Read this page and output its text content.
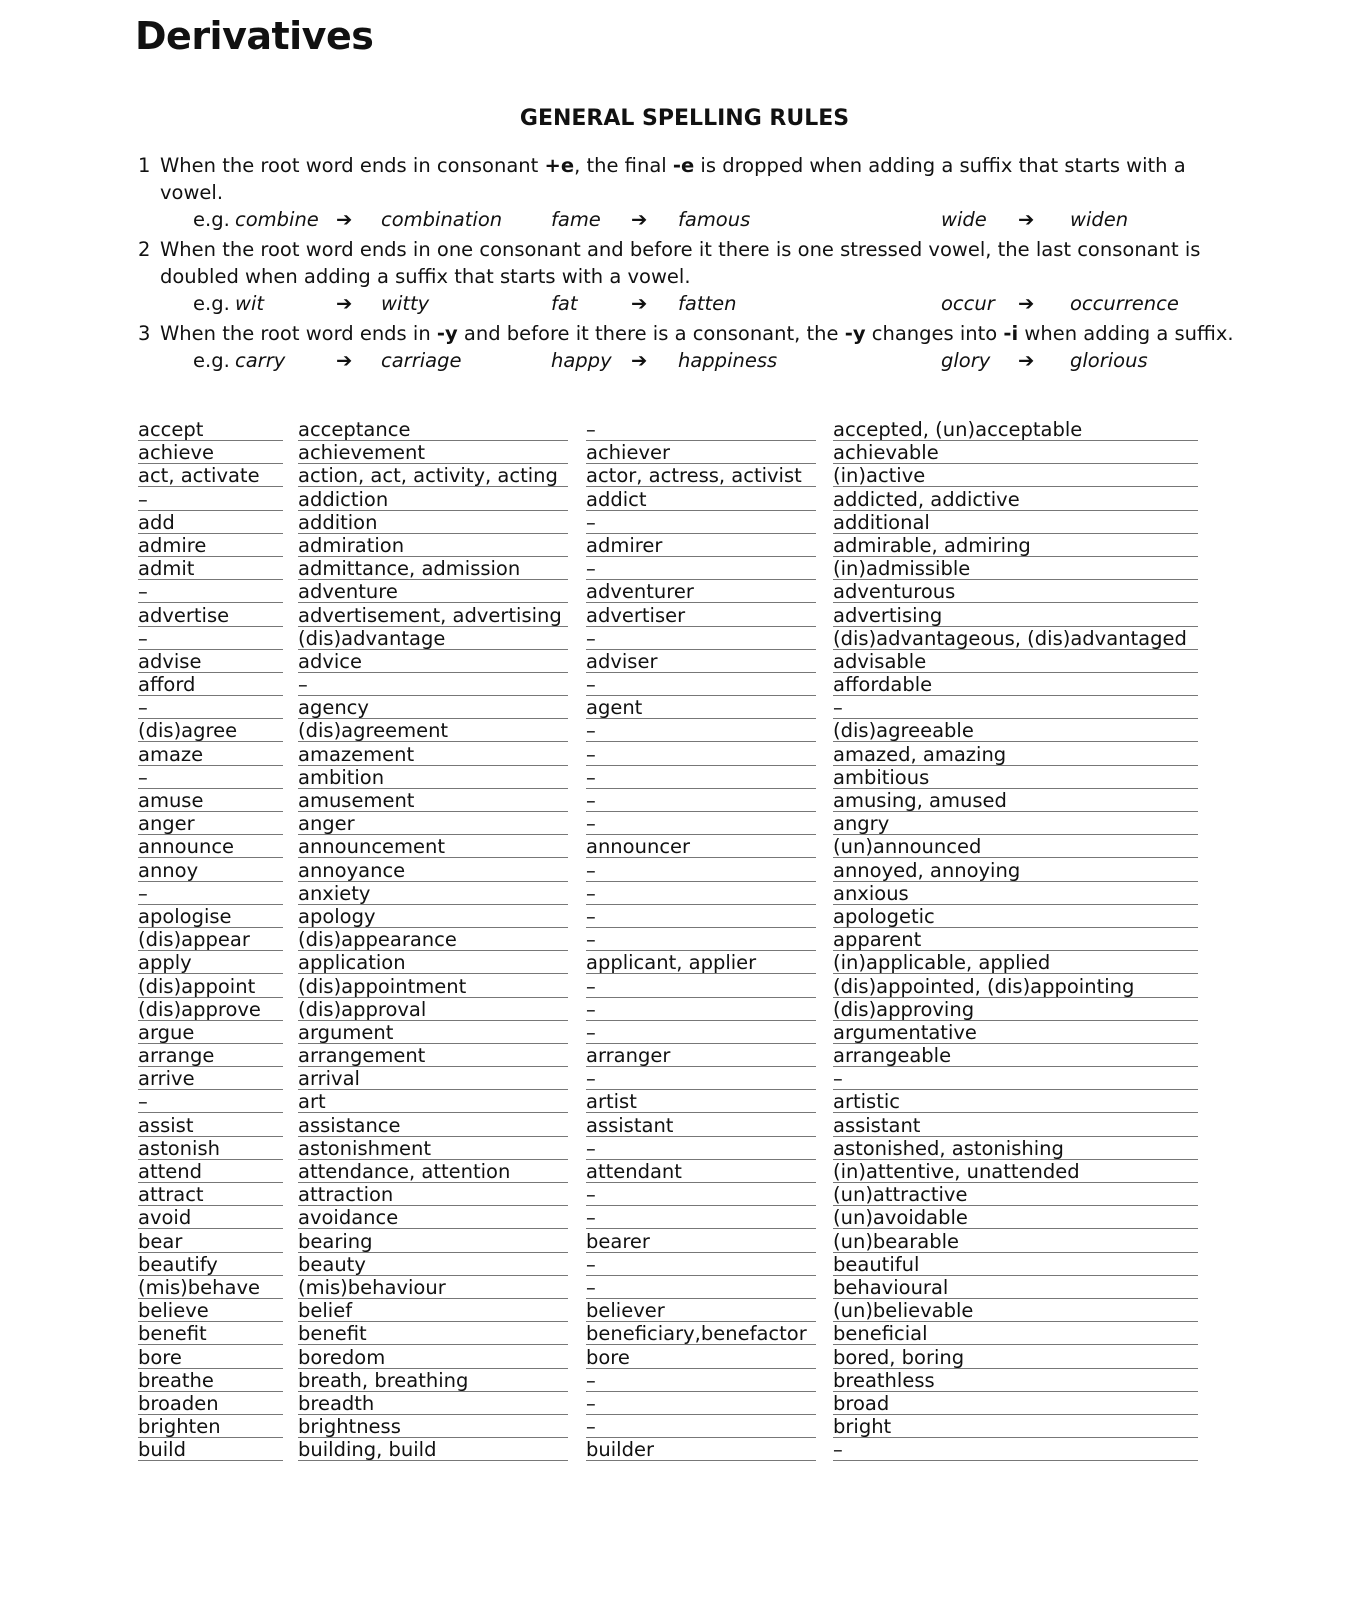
Derivatives
GENERAL SPELLING RULES
1 When the root word ends in consonant +e, the final -e is dropped when adding a suffix that starts with a vowel.
e.g. combine ➔ combination	fame ➔ famous	wide ➔ widen
2 When the root word ends in one consonant and before it there is one stressed vowel, the last consonant is doubled when adding a suffix that starts with a vowel.
e.g. wit	➔ witty	fat	➔ fatten	occur ➔ occurrence
3 When the root word ends in -y and before it there is a consonant, the -y changes into -i when adding a suffix.
e.g. carry	➔ carriage	happy ➔ happiness	glory ➔ glorious
accept	acceptance	–	accepted, (un)acceptable
achieve	achievement	achiever	achievable
act, activate	action, act, activity, acting	actor, actress, activist	(in)active
–	addiction	addict	addicted, addictive
add	addition	–	additional
admire	admiration	admirer	admirable, admiring
admit	admittance, admission	–	(in)admissible
–	adventure	adventurer	adventurous
advertise	advertisement, advertising	advertiser	advertising
–	(dis)advantage	–	(dis)advantageous, (dis)advantaged
advise	advice	adviser	advisable
afford	–	–	affordable
–	agency	agent	–
(dis)agree	(dis)agreement	–	(dis)agreeable
amaze	amazement	–	amazed, amazing
–	ambition	–	ambitious
amuse	amusement	–	amusing, amused
anger	anger	–	angry
announce	announcement	announcer	(un)announced
annoy	annoyance	–	annoyed, annoying
–	anxiety	–	anxious
apologise	apology	–	apologetic
(dis)appear	(dis)appearance	–	apparent
apply	application	applicant, applier	(in)applicable, applied
(dis)appoint	(dis)appointment	–	(dis)appointed, (dis)appointing
(dis)approve	(dis)approval	–	(dis)approving
argue	argument	–	argumentative
arrange	arrangement	arranger	arrangeable
arrive	arrival	–	–
–	art	artist	artistic
assist	assistance	assistant	assistant
astonish	astonishment	–	astonished, astonishing
attend	attendance, attention	attendant	(in)attentive, unattended
attract	attraction	–	(un)attractive
avoid	avoidance	–	(un)avoidable
bear	bearing	bearer	(un)bearable
beautify	beauty	–	beautiful
(mis)behave	(mis)behaviour	–	behavioural
believe	belief	believer	(un)believable
benefit	benefit	beneficiary,benefactor	beneficial
bore	boredom	bore	bored, boring
breathe	breath, breathing	–	breathless
broaden	breadth	–	broad
brighten	brightness	–	bright
build	building, build	builder	–
